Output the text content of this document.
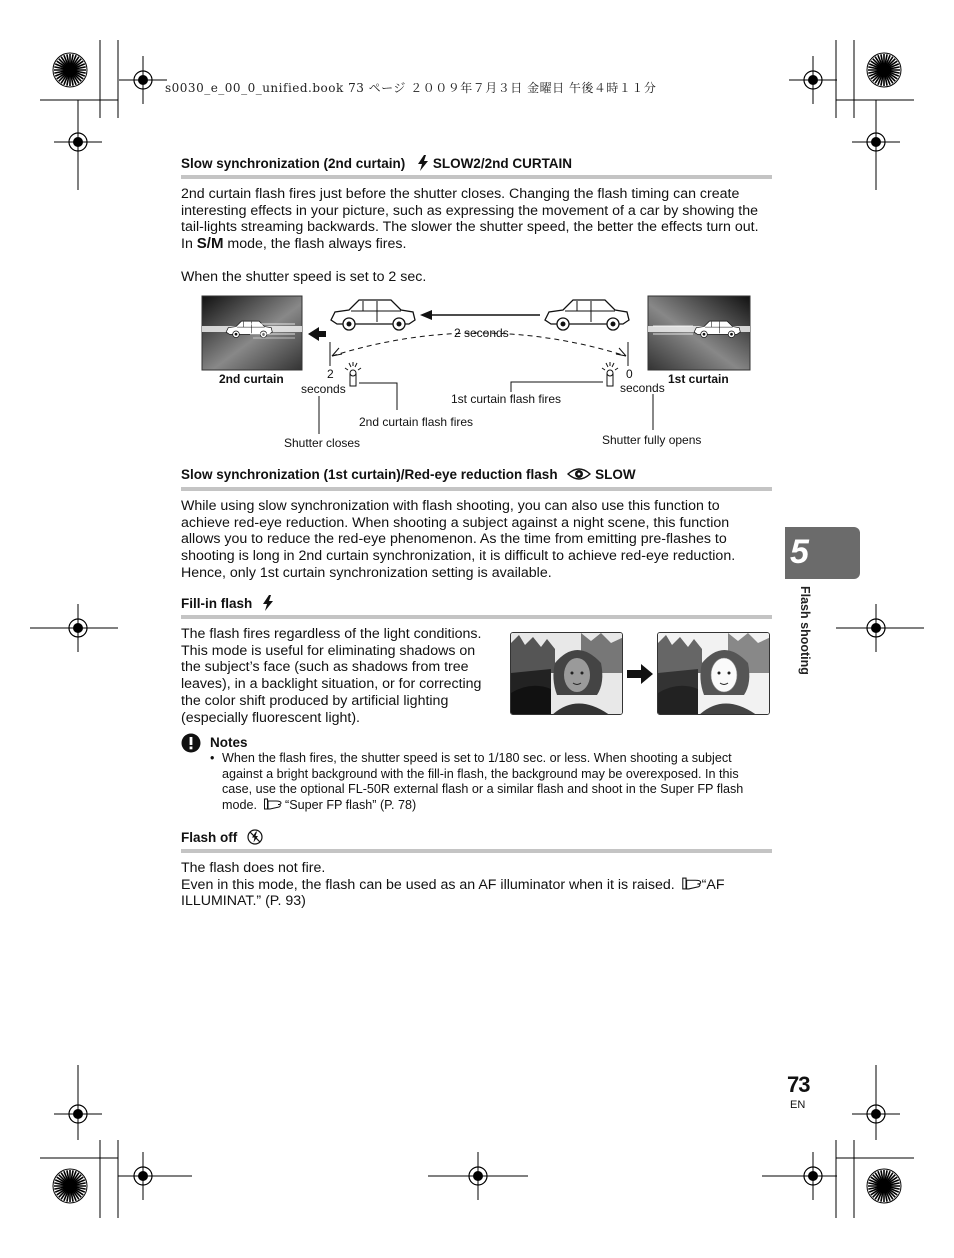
s0030_e_00_0_unified.book 73 ページ ２００９年７月３日 金曜日 午後４時１１分
Slow synchronization (2nd curtain) SLOW2/2nd CURTAIN

2nd curtain flash fires just before the shutter closes. Changing the flash timing can create interesting effects in your picture, such as expressing the movement of a car by showing the tail-lights streaming backwards. The slower the shutter speed, the better the effects turn out.

In S/M mode, the flash always fires.

When the shutter speed is set to 2 sec.
2 seconds
2nd curtain	1st curtain
2
seconds
0
seconds
1st curtain flash fires
2nd curtain flash fires
Shutter closes	Shutter fully opens
Slow synchronization (1st curtain)/Red-eye reduction flash	SLOW
While using slow synchronization with flash shooting, you can also use this function to achieve red-eye reduction. When shooting a subject against a night scene, this function allows you to reduce the red-eye phenomenon. As the time from emitting pre-flashes to shooting is long in 2nd curtain synchronization, it is difficult to achieve red-eye reduction. Hence, only 1st curtain synchronization setting is available.
Fill-in flash
The flash fires regardless of the light conditions. This mode is useful for eliminating shadows on the subject’s face (such as shadows from tree leaves), in a backlight situation, or for correcting the color shift produced by artificial lighting (especially fluorescent light).
Notes
• When the flash fires, the shutter speed is set to 1/180 sec. or less. When shooting a subject against a bright background with the fill-in flash, the background may be overexposed. In this case, use the optional FL-50R external flash or a similar flash and shoot in the Super FP flash mode. “Super FP flash” (P. 78)
Flash off

The flash does not fire.

Even in this mode, the flash can be used as an AF illuminator when it is raised. “AF ILLUMINAT.” (P. 93)

5
Flash shooting
73
EN
